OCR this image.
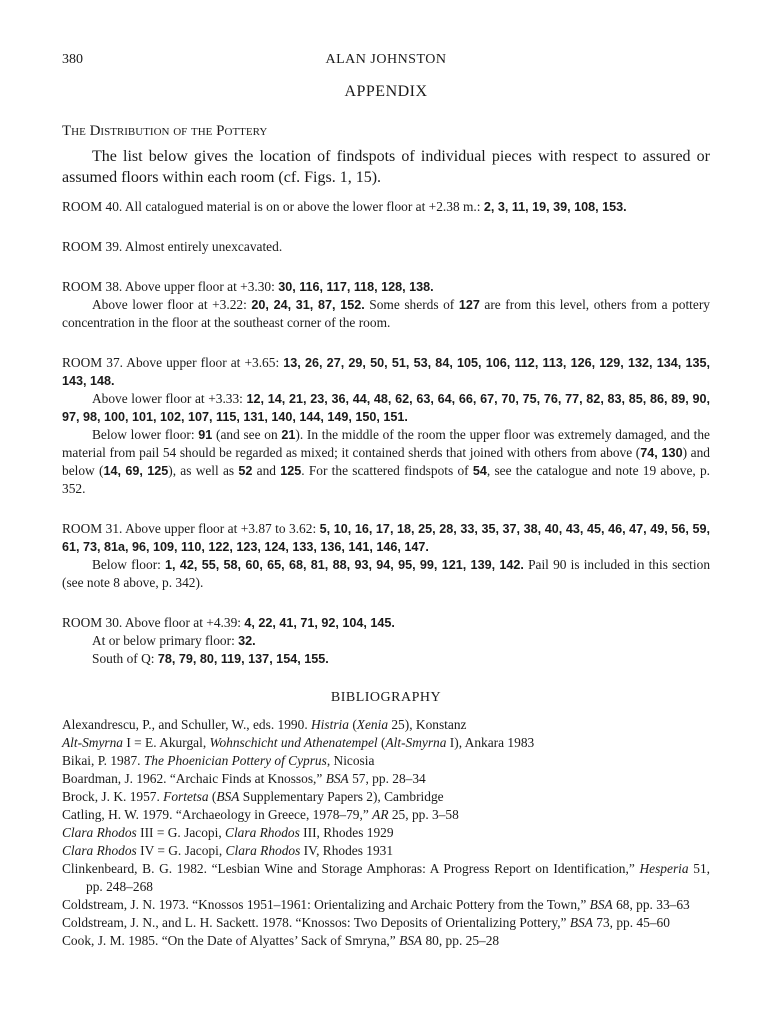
380	ALAN JOHNSTON
APPENDIX
The Distribution of the Pottery

The list below gives the location of findspots of individual pieces with respect to assured or assumed floors within each room (cf. Figs. 1, 15).

ROOM 40. All catalogued material is on or above the lower floor at +2.38 m.: 2, 3, 11, 19, 39, 108, 153.

ROOM 39. Almost entirely unexcavated.

ROOM 38. Above upper floor at +3.30: 30, 116, 117, 118, 128, 138.

Above lower floor at +3.22: 20, 24, 31, 87, 152. Some sherds of 127 are from this level, others from a pottery concentration in the floor at the southeast corner of the room.

ROOM 37. Above upper floor at +3.65: 13, 26, 27, 29, 50, 51, 53, 84, 105, 106, 112, 113, 126, 129, 132, 134, 135, 143, 148.

Above lower floor at +3.33: 12, 14, 21, 23, 36, 44, 48, 62, 63, 64, 66, 67, 70, 75, 76, 77, 82, 83, 85, 86, 89, 90, 97, 98, 100, 101, 102, 107, 115, 131, 140, 144, 149, 150, 151.

Below lower floor: 91 (and see on 21). In the middle of the room the upper floor was extremely damaged, and the material from pail 54 should be regarded as mixed; it contained sherds that joined with others from above (74, 130) and below (14, 69, 125), as well as 52 and 125. For the scattered findspots of 54, see the catalogue and note 19 above, p. 352.

ROOM 31. Above upper floor at +3.87 to 3.62: 5, 10, 16, 17, 18, 25, 28, 33, 35, 37, 38, 40, 43, 45, 46, 47, 49, 56, 59, 61, 73, 81a, 96, 109, 110, 122, 123, 124, 133, 136, 141, 146, 147.

Below floor: 1, 42, 55, 58, 60, 65, 68, 81, 88, 93, 94, 95, 99, 121, 139, 142. Pail 90 is included in this section (see note 8 above, p. 342).

ROOM 30. Above floor at +4.39: 4, 22, 41, 71, 92, 104, 145.

At or below primary floor: 32.

South of Q: 78, 79, 80, 119, 137, 154, 155.

BIBLIOGRAPHY
Alexandrescu, P., and Schuller, W., eds. 1990. Histria (Xenia 25), Konstanz
Alt-Smyrna I = E. Akurgal, Wohnschicht und Athenatempel (Alt-Smyrna I), Ankara 1983
Bikai, P. 1987. The Phoenician Pottery of Cyprus, Nicosia
Boardman, J. 1962. “Archaic Finds at Knossos,” BSA 57, pp. 28–34
Brock, J. K. 1957. Fortetsa (BSA Supplementary Papers 2), Cambridge
Catling, H. W. 1979. “Archaeology in Greece, 1978–79,” AR 25, pp. 3–58
Clara Rhodos III = G. Jacopi, Clara Rhodos III, Rhodes 1929
Clara Rhodos IV = G. Jacopi, Clara Rhodos IV, Rhodes 1931
Clinkenbeard, B. G. 1982. “Lesbian Wine and Storage Amphoras: A Progress Report on Identification,” Hesperia 51, pp. 248–268
Coldstream, J. N. 1973. “Knossos 1951–1961: Orientalizing and Archaic Pottery from the Town,” BSA 68, pp. 33–63
Coldstream, J. N., and L. H. Sackett. 1978. “Knossos: Two Deposits of Orientalizing Pottery,” BSA 73, pp. 45–60
Cook, J. M. 1985. “On the Date of Alyattes’ Sack of Smryna,” BSA 80, pp. 25–28
